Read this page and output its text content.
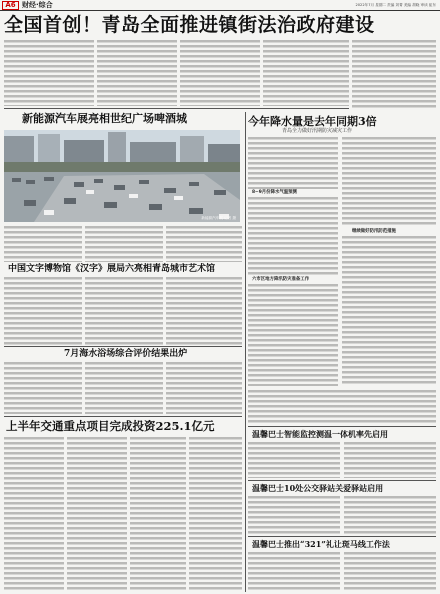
A6 财经·综合	2022年7月 星期二 责编 刘菁 美编 胡晓 审读 崔东
全国首创！青岛全面推进镇街法治政府建设

新能源汽车展亮相世纪广场啤酒城
新能源汽车展 记者 摄
今年降水量是去年同期3倍
青岛全力做好汛期防灾减灾工作

8~9月份降水气温预测

继续做好防汛防范措施

六市区地方降汛防灾准备工作

中国文字博物馆《汉字》展局六亮相青岛城市艺术馆

7月海水浴场综合评价结果出炉

上半年交通重点项目完成投资225.1亿元

温馨巴士智能监控测温一体机率先启用

温馨巴士10处公交驿站关爱驿站启用

温馨巴士推出“321”礼让斑马线工作法
